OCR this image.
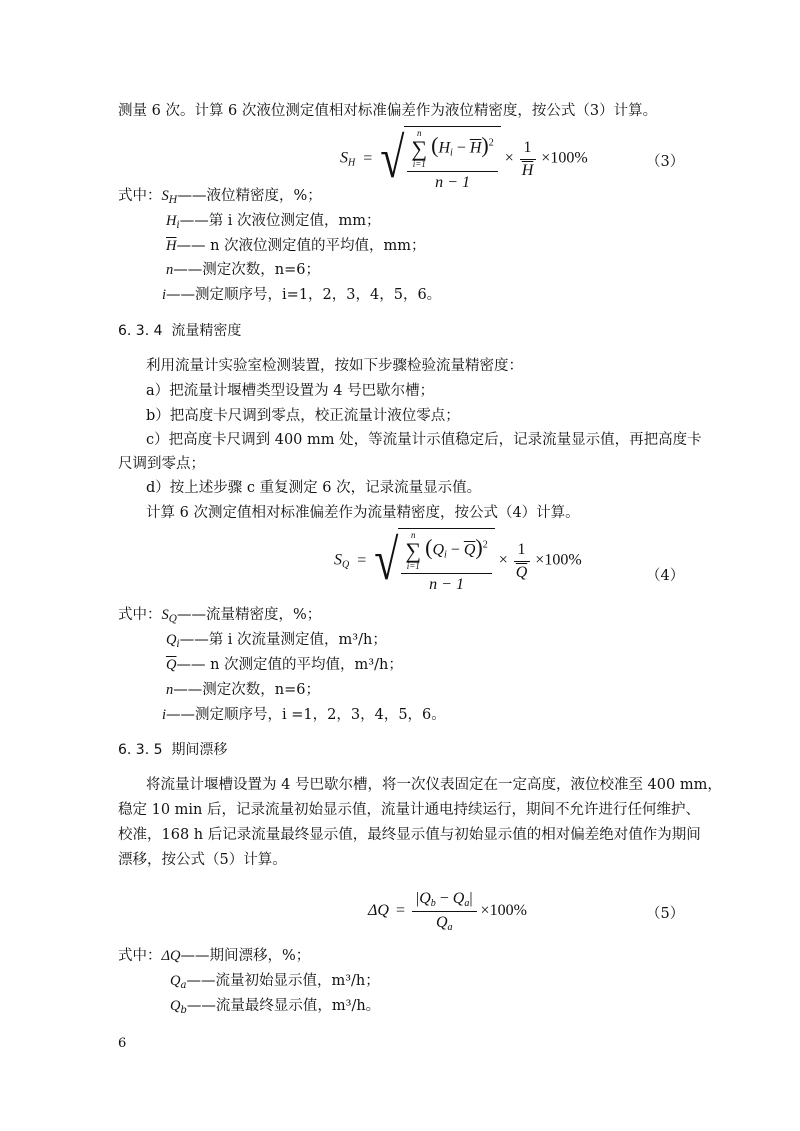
测量 6 次。计算 6 次液位测定值相对标准偏差作为液位精密度，按公式（3）计算。
$S_H$ = √ n
∑
i=1
$(H_i - \overline{H})^2$
$n - 1 \times \frac{1}{H} \times 100\%$	（3）
式中：$S_H——$液位精密度，%；
$H_i——$第 i 次液位测定值，mm；
$\overline{H}——$ n 次液位测定值的平均值，mm；
n——测定次数，n=6；
i——测定顺序号，i=1，2，3，4，5，6。
6. 3. 4 流量精密度
利用流量计实验室检测装置，按如下步骤检验流量精密度：
a）把流量计堰槽类型设置为 4 号巴歇尔槽；
b）把高度卡尺调到零点，校正流量计液位零点；
c）把高度卡尺调到 400 mm 处，等流量计示值稳定后，记录流量显示值，再把高度卡
尺调到零点；
d）按上述步骤 c 重复测定 6 次，记录流量显示值。
计算 6 次测定值相对标准偏差作为流量精密度，按公式（4）计算。
$S_Q$ = √ n
∑
i=1
$(Q_i - \overline{Q})^2$
$n - 1 \times \frac{1}{Q} \times 100\%$
（4）
式中：$S_Q——$流量精密度，%；
$Q_i——$第 i 次流量测定值，m³/h；
$\overline{Q}——$ n 次测定值的平均值，m³/h；
n——测定次数，n=6；
i——测定顺序号，i =1，2，3，4，5，6。
6. 3. 5 期间漂移
将流量计堰槽设置为 4 号巴歇尔槽，将一次仪表固定在一定高度，液位校准至 400 mm，
稳定 10 min 后，记录流量初始显示值，流量计通电持续运行，期间不允许进行任何维护、
校准，168 h 后记录流量最终显示值，最终显示值与初始显示值的相对偏差绝对值作为期间
漂移，按公式（5）计算。
$\Delta Q = \frac{|Q_b - Q_a|}{Q_a} \times 100\%$	（5）
式中：ΔQ——期间漂移，%；
$Q_a——$流量初始显示值，m³/h；
$Q_b——$流量最终显示值，m³/h。
6
